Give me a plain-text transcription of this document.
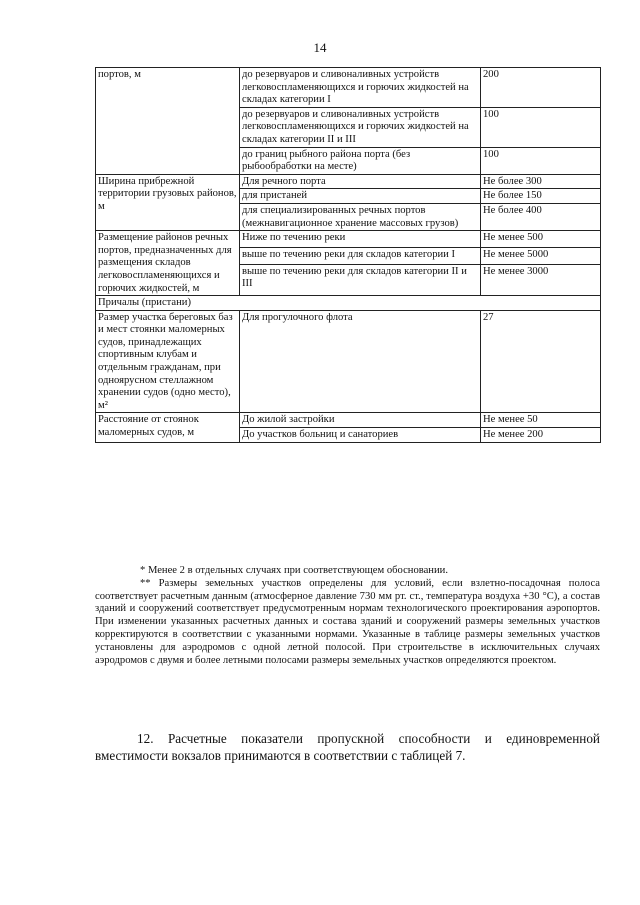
14
портов, м	до резервуаров и сливоналивных устройств легковоспламеняющихся и горючих жидкостей на складах категории I	200
	до резервуаров и сливоналивных устройств легковоспламеняющихся и горючих жидкостей на складах категории II и III	100
	до границ рыбного района порта (без рыбообработки на месте)	100
Ширина прибрежной территории грузовых районов, м	Для речного порта	Не более 300
	для пристаней	Не более 150
	для специализированных речных портов (межнавигационное хранение массовых грузов)	Не более 400
Размещение районов речных портов, предназначенных для размещения складов легковоспламеняющихся и горючих жидкостей, м	Ниже по течению реки	Не менее 500
	выше по течению реки для складов категории I	Не менее 5000
	выше по течению реки для складов категории II и III	Не менее 3000
Причалы (пристани)		
Размер участка береговых баз и мест стоянки маломерных судов, принадлежащих спортивным клубам и отдельным гражданам, при одноярусном стеллажном хранении судов (одно место), м²	Для прогулочного флота	27
Расстояние от стоянок маломерных судов, м	До жилой застройки	Не менее 50
	До участков больниц и санаториев	Не менее 200

* Менее 2 в отдельных случаях при соответствующем обосновании.

** Размеры земельных участков определены для условий, если взлетно-посадочная полоса соответствует расчетным данным (атмосферное давление 730 мм рт. ст., температура воздуха +30 °С), а состав зданий и сооружений соответствует предусмотренным нормам технологического проектирования аэропортов. При изменении указанных расчетных данных и состава зданий и сооружений размеры земельных участков корректируются в соответствии с указанными нормами. Указанные в таблице размеры земельных участков установлены для аэродромов с одной летной полосой. При строительстве в исключительных случаях аэродромов с двумя и более летными полосами размеры земельных участков определяются проектом.

12. Расчетные показатели пропускной способности и единовременной вместимости вокзалов принимаются в соответствии с таблицей 7.
